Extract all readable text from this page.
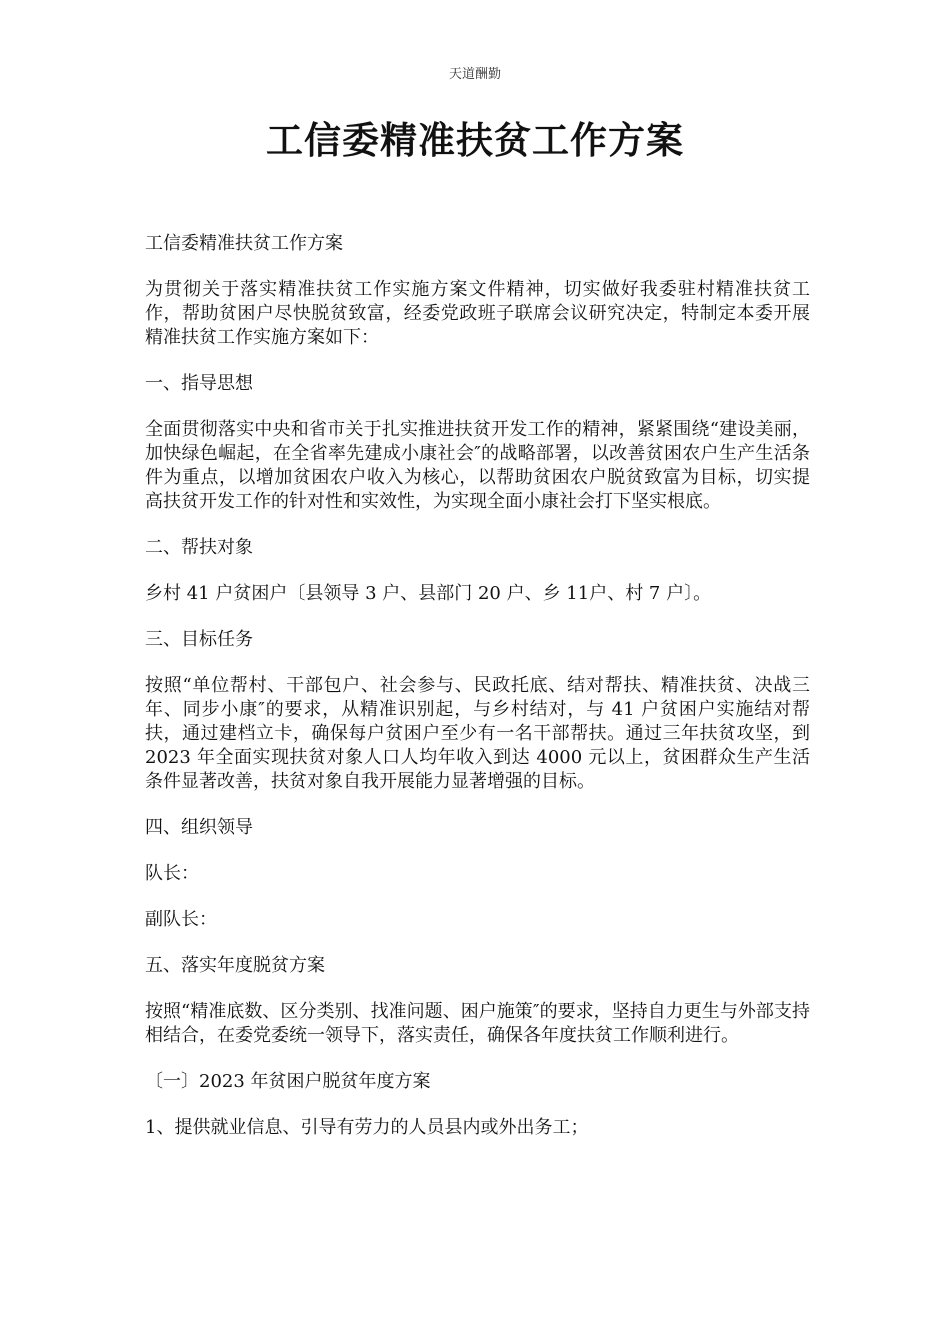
天道酬勤
工信委精准扶贫工作方案

工信委精准扶贫工作方案

为贯彻关于落实精准扶贫工作实施方案文件精神，切实做好我委驻村精准扶贫工作，帮助贫困户尽快脱贫致富，经委党政班子联席会议研究决定，特制定本委开展精准扶贫工作实施方案如下：

一、指导思想

全面贯彻落实中央和省市关于扎实推进扶贫开发工作的精神，紧紧围绕“建设美丽，加快绿色崛起，在全省率先建成小康社会″的战略部署，以改善贫困农户生产生活条件为重点，以增加贫困农户收入为核心，以帮助贫困农户脱贫致富为目标，切实提高扶贫开发工作的针对性和实效性，为实现全面小康社会打下坚实根底。

二、帮扶对象

乡村 41 户贫困户〔县领导 3 户、县部门 20 户、乡 11户、村 7 户〕。

三、目标任务

按照“单位帮村、干部包户、社会参与、民政托底、结对帮扶、精准扶贫、决战三年、同步小康″的要求，从精准识别起，与乡村结对，与 41 户贫困户实施结对帮扶，通过建档立卡，确保每户贫困户至少有一名干部帮扶。通过三年扶贫攻坚，到 2023 年全面实现扶贫对象人口人均年收入到达 4000 元以上，贫困群众生产生活条件显著改善，扶贫对象自我开展能力显著增强的目标。

四、组织领导

队长：

副队长：

五、落实年度脱贫方案

按照“精准底数、区分类别、找准问题、困户施策″的要求，坚持自力更生与外部支持相结合，在委党委统一领导下，落实责任，确保各年度扶贫工作顺利进行。

〔一〕2023 年贫困户脱贫年度方案

1、提供就业信息、引导有劳力的人员县内或外出务工；
